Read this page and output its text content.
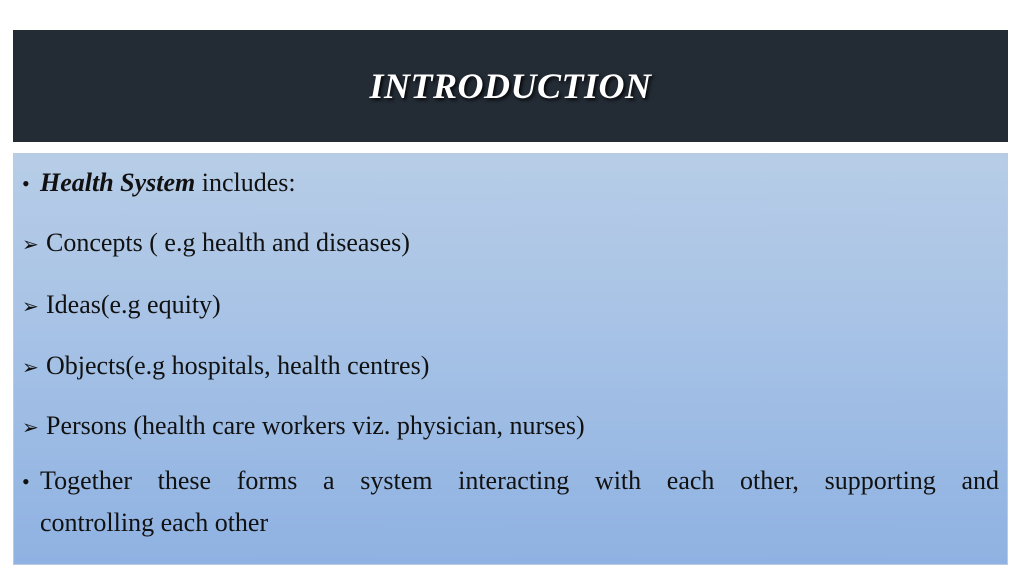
INTRODUCTION
• Health System includes:
➢ Concepts ( e.g health and diseases)
➢ Ideas(e.g equity)
➢ Objects(e.g hospitals, health centres)
➢ Persons (health care workers viz. physician, nurses)
• Together these forms a system interacting with each other, supporting and
controlling each other
